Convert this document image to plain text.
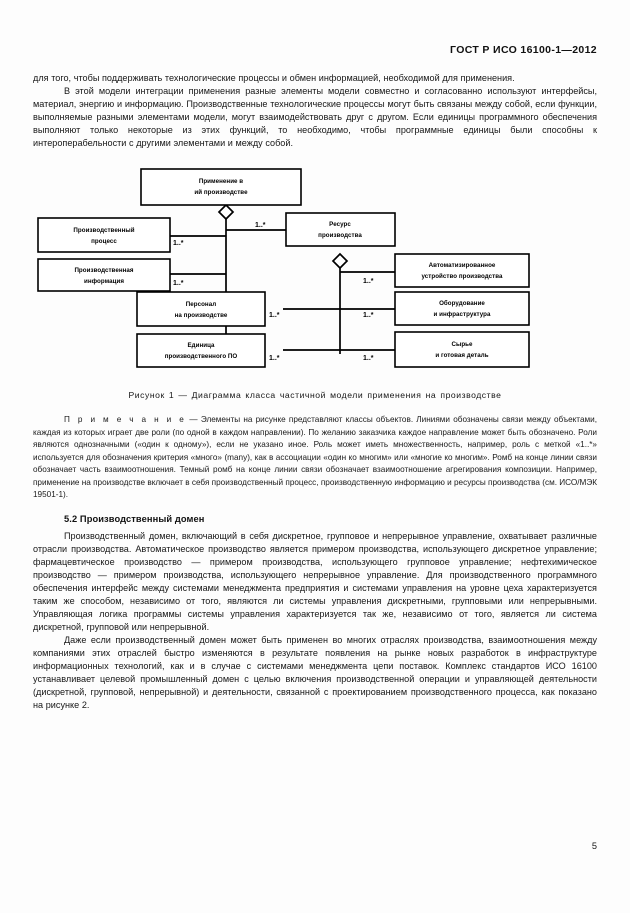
ГОСТ Р ИСО 16100-1—2012

для того, чтобы поддерживать технологические процессы и обмен информацией, необходимой для применения.

В этой модели интеграции применения разные элементы модели совместно и согласованно используют интерфейсы, материал, энергию и информацию. Производственные технологические процессы могут быть связаны между собой, если функции, выполняемые разными элементами модели, могут взаимодействовать друг с другом. Если единицы программного обеспечения выполняют только некоторые из этих функций, то необходимо, чтобы программные единицы были способны к интероперабельности с другими элементами и между собой.

Применение в
ий производстве
Производственный
процесс
Производственная
информация
Ресурс
производства
Автоматизированное
устройство производства
Персонал
на производстве
Оборудование
и инфраструктура
Единица
производственного ПО
Сырье
и готовая деталь
1..*
1..*
1..*
1..*
1..*	1..*
1..*	1..*

Рисунок 1 — Диаграмма класса частичной модели применения на производстве

П р и м е ч а н и е — Элементы на рисунке представляют классы объектов. Линиями обозначены связи между объектами, каждая из которых играет две роли (по одной в каждом направлении). По желанию заказчика каждое направление может быть обозначено. Роли являются однозначными («один к одному»), если не указано иное. Роль может иметь множественность, например, роль с меткой «1..*» используется для обозначения критерия «многo» (many), как в ассоциации «один ко многим» или «многие ко многим». Ромб на конце линии связи обозначает часть взаимоотношения. Темный ромб на конце линии связи обозначает взаимоотношение агрегирования композиции. Например, применение на производстве включает в себя производственный процесс, производственную информацию и ресурсы производства (см. ИСО/МЭК 19501-1).

5.2 Производственный домен

Производственный домен, включающий в себя дискретное, групповое и непрерывное управление, охватывает различные отрасли производства. Автоматическое производство является примером производства, использующего дискретное управление; фармацевтическое производство — примером производства, использующего групповое управление; нефтехимическое производство — примером производства, использующего непрерывное управление. Для производственного программного обеспечения интерфейс между системами менеджмента предприятия и системами управления на уровне цеха характеризуется таким же способом, независимо от того, являются ли системы управления дискретными, групповыми или непрерывными. Управляющая логика программы системы управления характеризуется так же, независимо от того, является ли система дискретной, групповой или непрерывной.

Даже если производственный домен может быть применен во многих отраслях производства, взаимоотношения между компаниями этих отраслей быстро изменяются в результате появления на рынке новых разработок в инфраструктуре информационных технологий, как и в случае с системами менеджмента цепи поставок. Комплекс стандартов ИСО 16100 устанавливает целевой промышленный домен с целью включения производственной операции и управляющей деятельности (дискретной, групповой, непрерывной) и деятельности, связанной с проектированием производственного процесса, как показано на рисунке 2.

5
